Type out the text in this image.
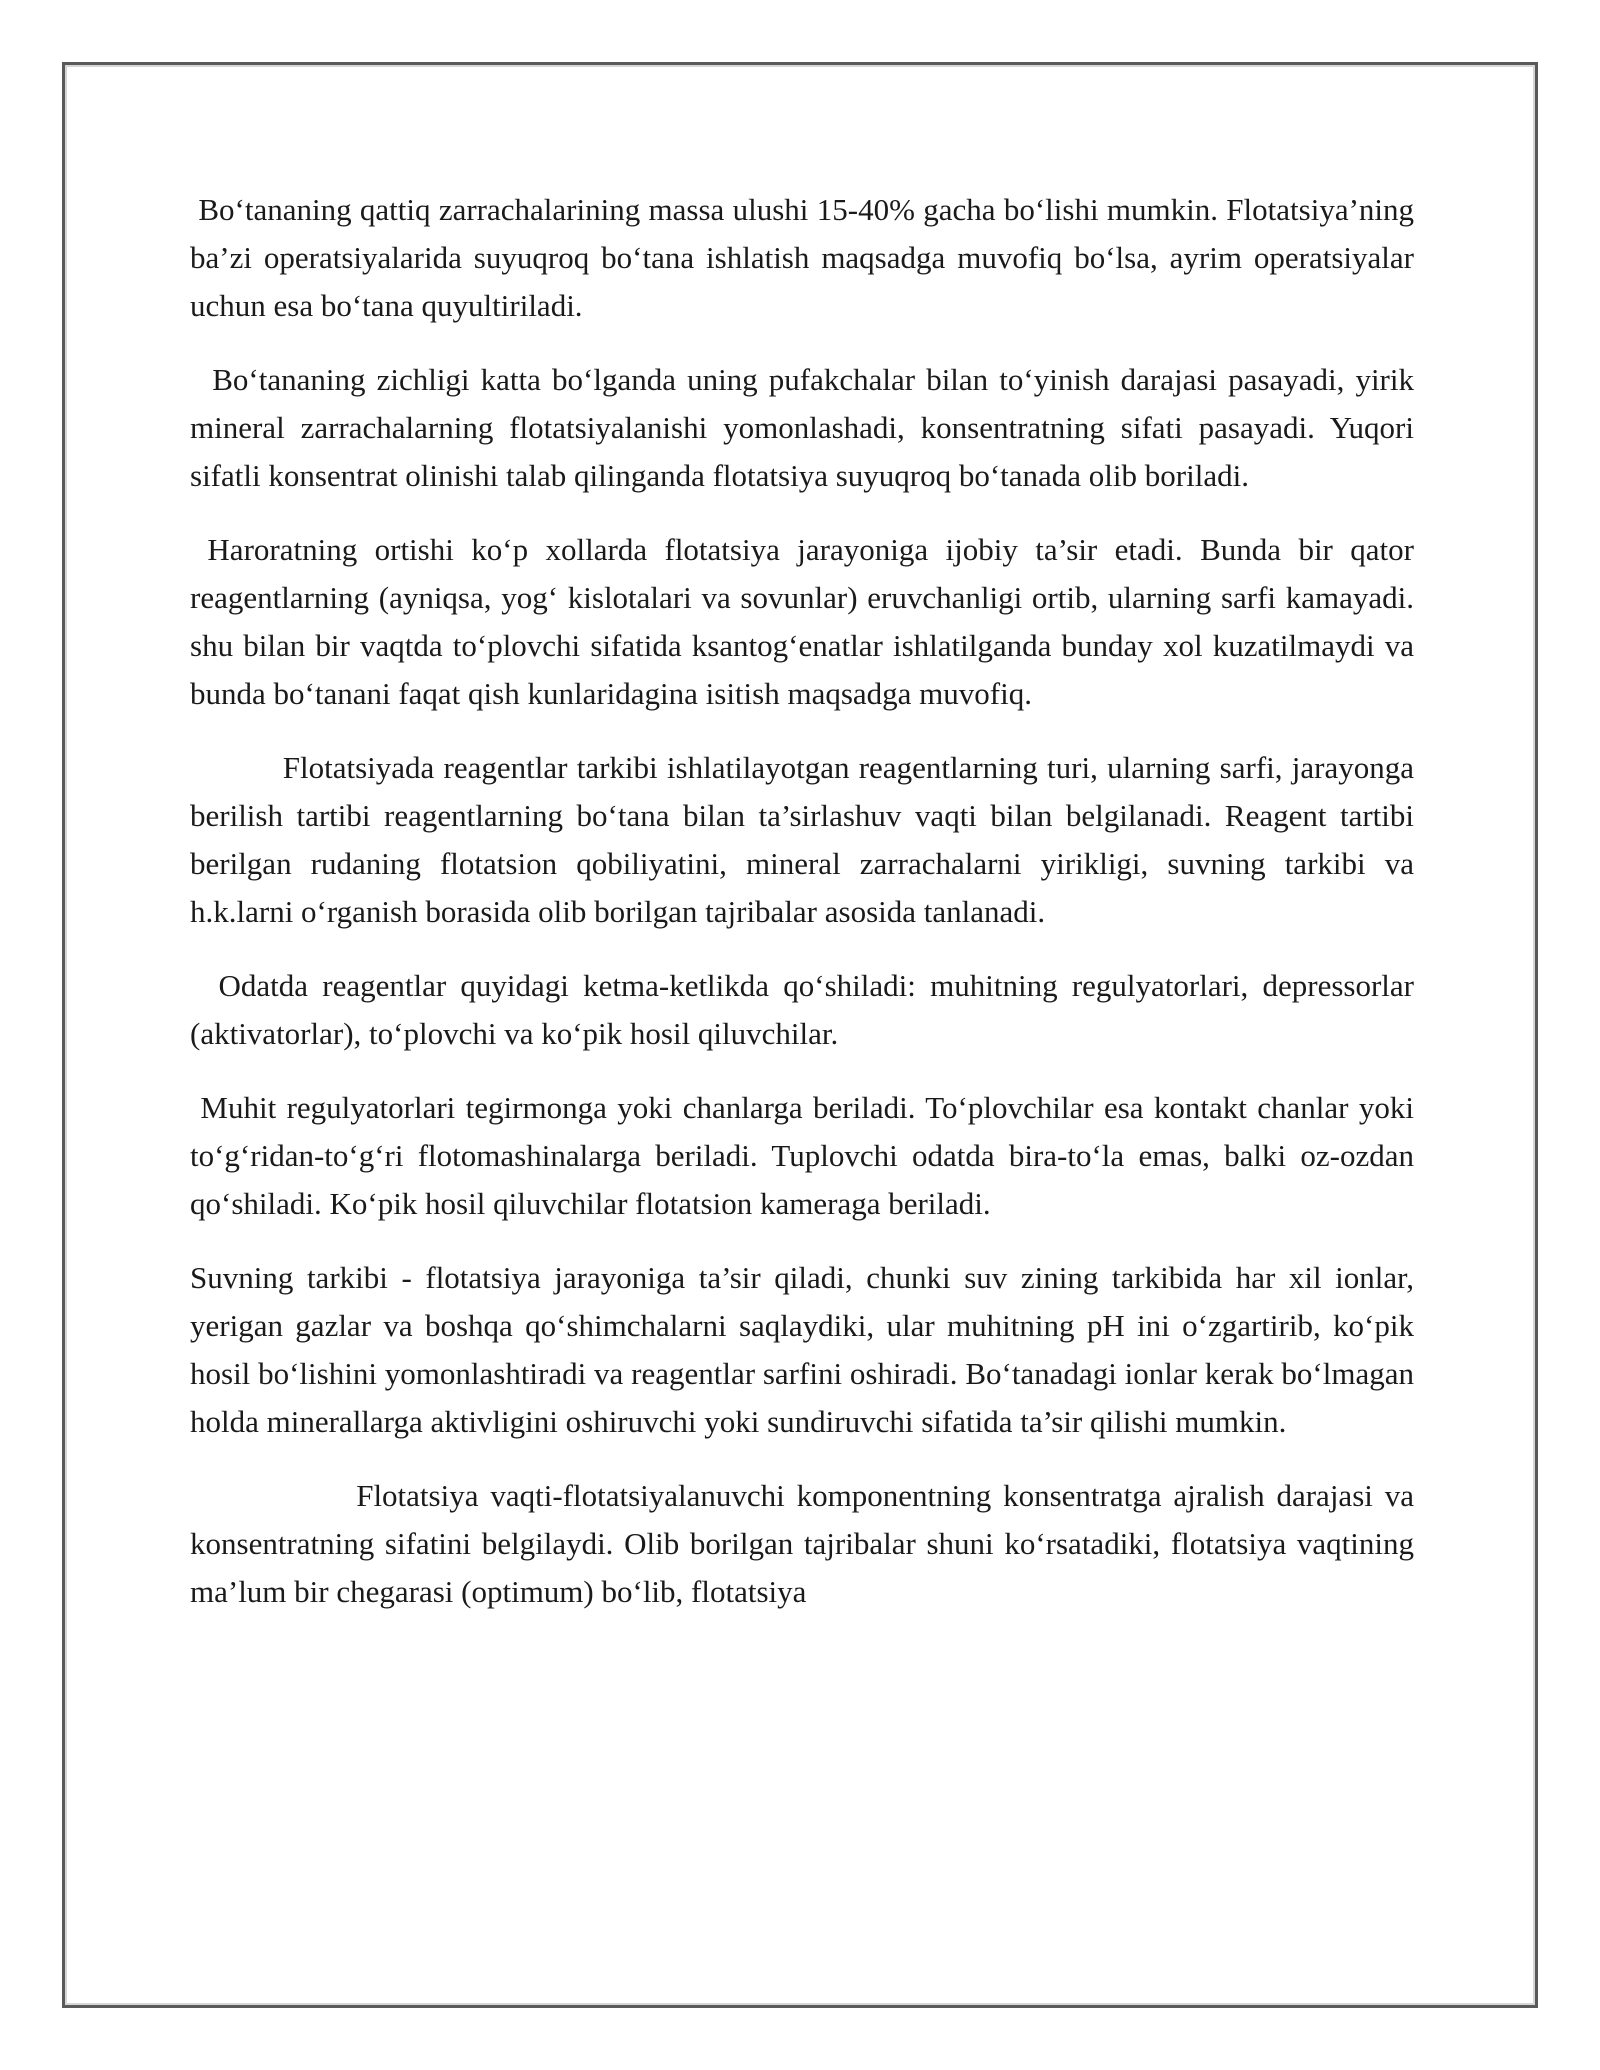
Bo‘tananing qattiq zarrachalarining massa ulushi 15-40% gacha bo‘lishi mumkin. Flotatsiya’ning ba’zi operatsiyalarida suyuqroq bo‘tana ishlatish maqsadga muvofiq bo‘lsa, ayrim operatsiyalar uchun esa bo‘tana quyultiriladi.

Bo‘tananing zichligi katta bo‘lganda uning pufakchalar bilan to‘yinish darajasi pasayadi, yirik mineral zarrachalarning flotatsiyalanishi yomonlashadi, konsentratning sifati pasayadi. Yuqori sifatli konsentrat olinishi talab qilinganda flotatsiya suyuqroq bo‘tanada olib boriladi.

Haroratning ortishi ko‘p xollarda flotatsiya jarayoniga ijobiy ta’sir etadi. Bunda bir qator reagentlarning (ayniqsa, yog‘ kislotalari va sovunlar) eruvchanligi ortib, ularning sarfi kamayadi. shu bilan bir vaqtda to‘plovchi sifatida ksantog‘enatlar ishlatilganda bunday xol kuzatilmaydi va bunda bo‘tanani faqat qish kunlaridagina isitish maqsadga muvofiq.

Flotatsiyada reagentlar tarkibi ishlatilayotgan reagentlarning turi, ularning sarfi, jarayonga berilish tartibi reagentlarning bo‘tana bilan ta’sirlashuv vaqti bilan belgilanadi. Reagent tartibi berilgan rudaning flotatsion qobiliyatini, mineral zarrachalarni yirikligi, suvning tarkibi va h.k.larni o‘rganish borasida olib borilgan tajribalar asosida tanlanadi.

Odatda reagentlar quyidagi ketma-ketlikda qo‘shiladi: muhitning regulyatorlari, depressorlar (aktivatorlar), to‘plovchi va ko‘pik hosil qiluvchilar.

Muhit regulyatorlari tegirmonga yoki chanlarga beriladi. To‘plovchilar esa kontakt chanlar yoki to‘g‘ridan-to‘g‘ri flotomashinalarga beriladi. Tuplovchi odatda bira-to‘la emas, balki oz-ozdan qo‘shiladi. Ko‘pik hosil qiluvchilar flotatsion kameraga beriladi.

Suvning tarkibi - flotatsiya jarayoniga ta’sir qiladi, chunki suv zining tarkibida har xil ionlar, yerigan gazlar va boshqa qo‘shimchalarni saqlaydiki, ular muhitning pH ini o‘zgartirib, ko‘pik hosil bo‘lishini yomonlashtiradi va reagentlar sarfini oshiradi. Bo‘tanadagi ionlar kerak bo‘lmagan holda minerallarga aktivligini oshiruvchi yoki sundiruvchi sifatida ta’sir qilishi mumkin.

Flotatsiya vaqti-flotatsiyalanuvchi komponentning konsentratga ajralish darajasi va konsentratning sifatini belgilaydi. Olib borilgan tajribalar shuni ko‘rsatadiki, flotatsiya vaqtining ma’lum bir chegarasi (optimum) bo‘lib, flotatsiya
